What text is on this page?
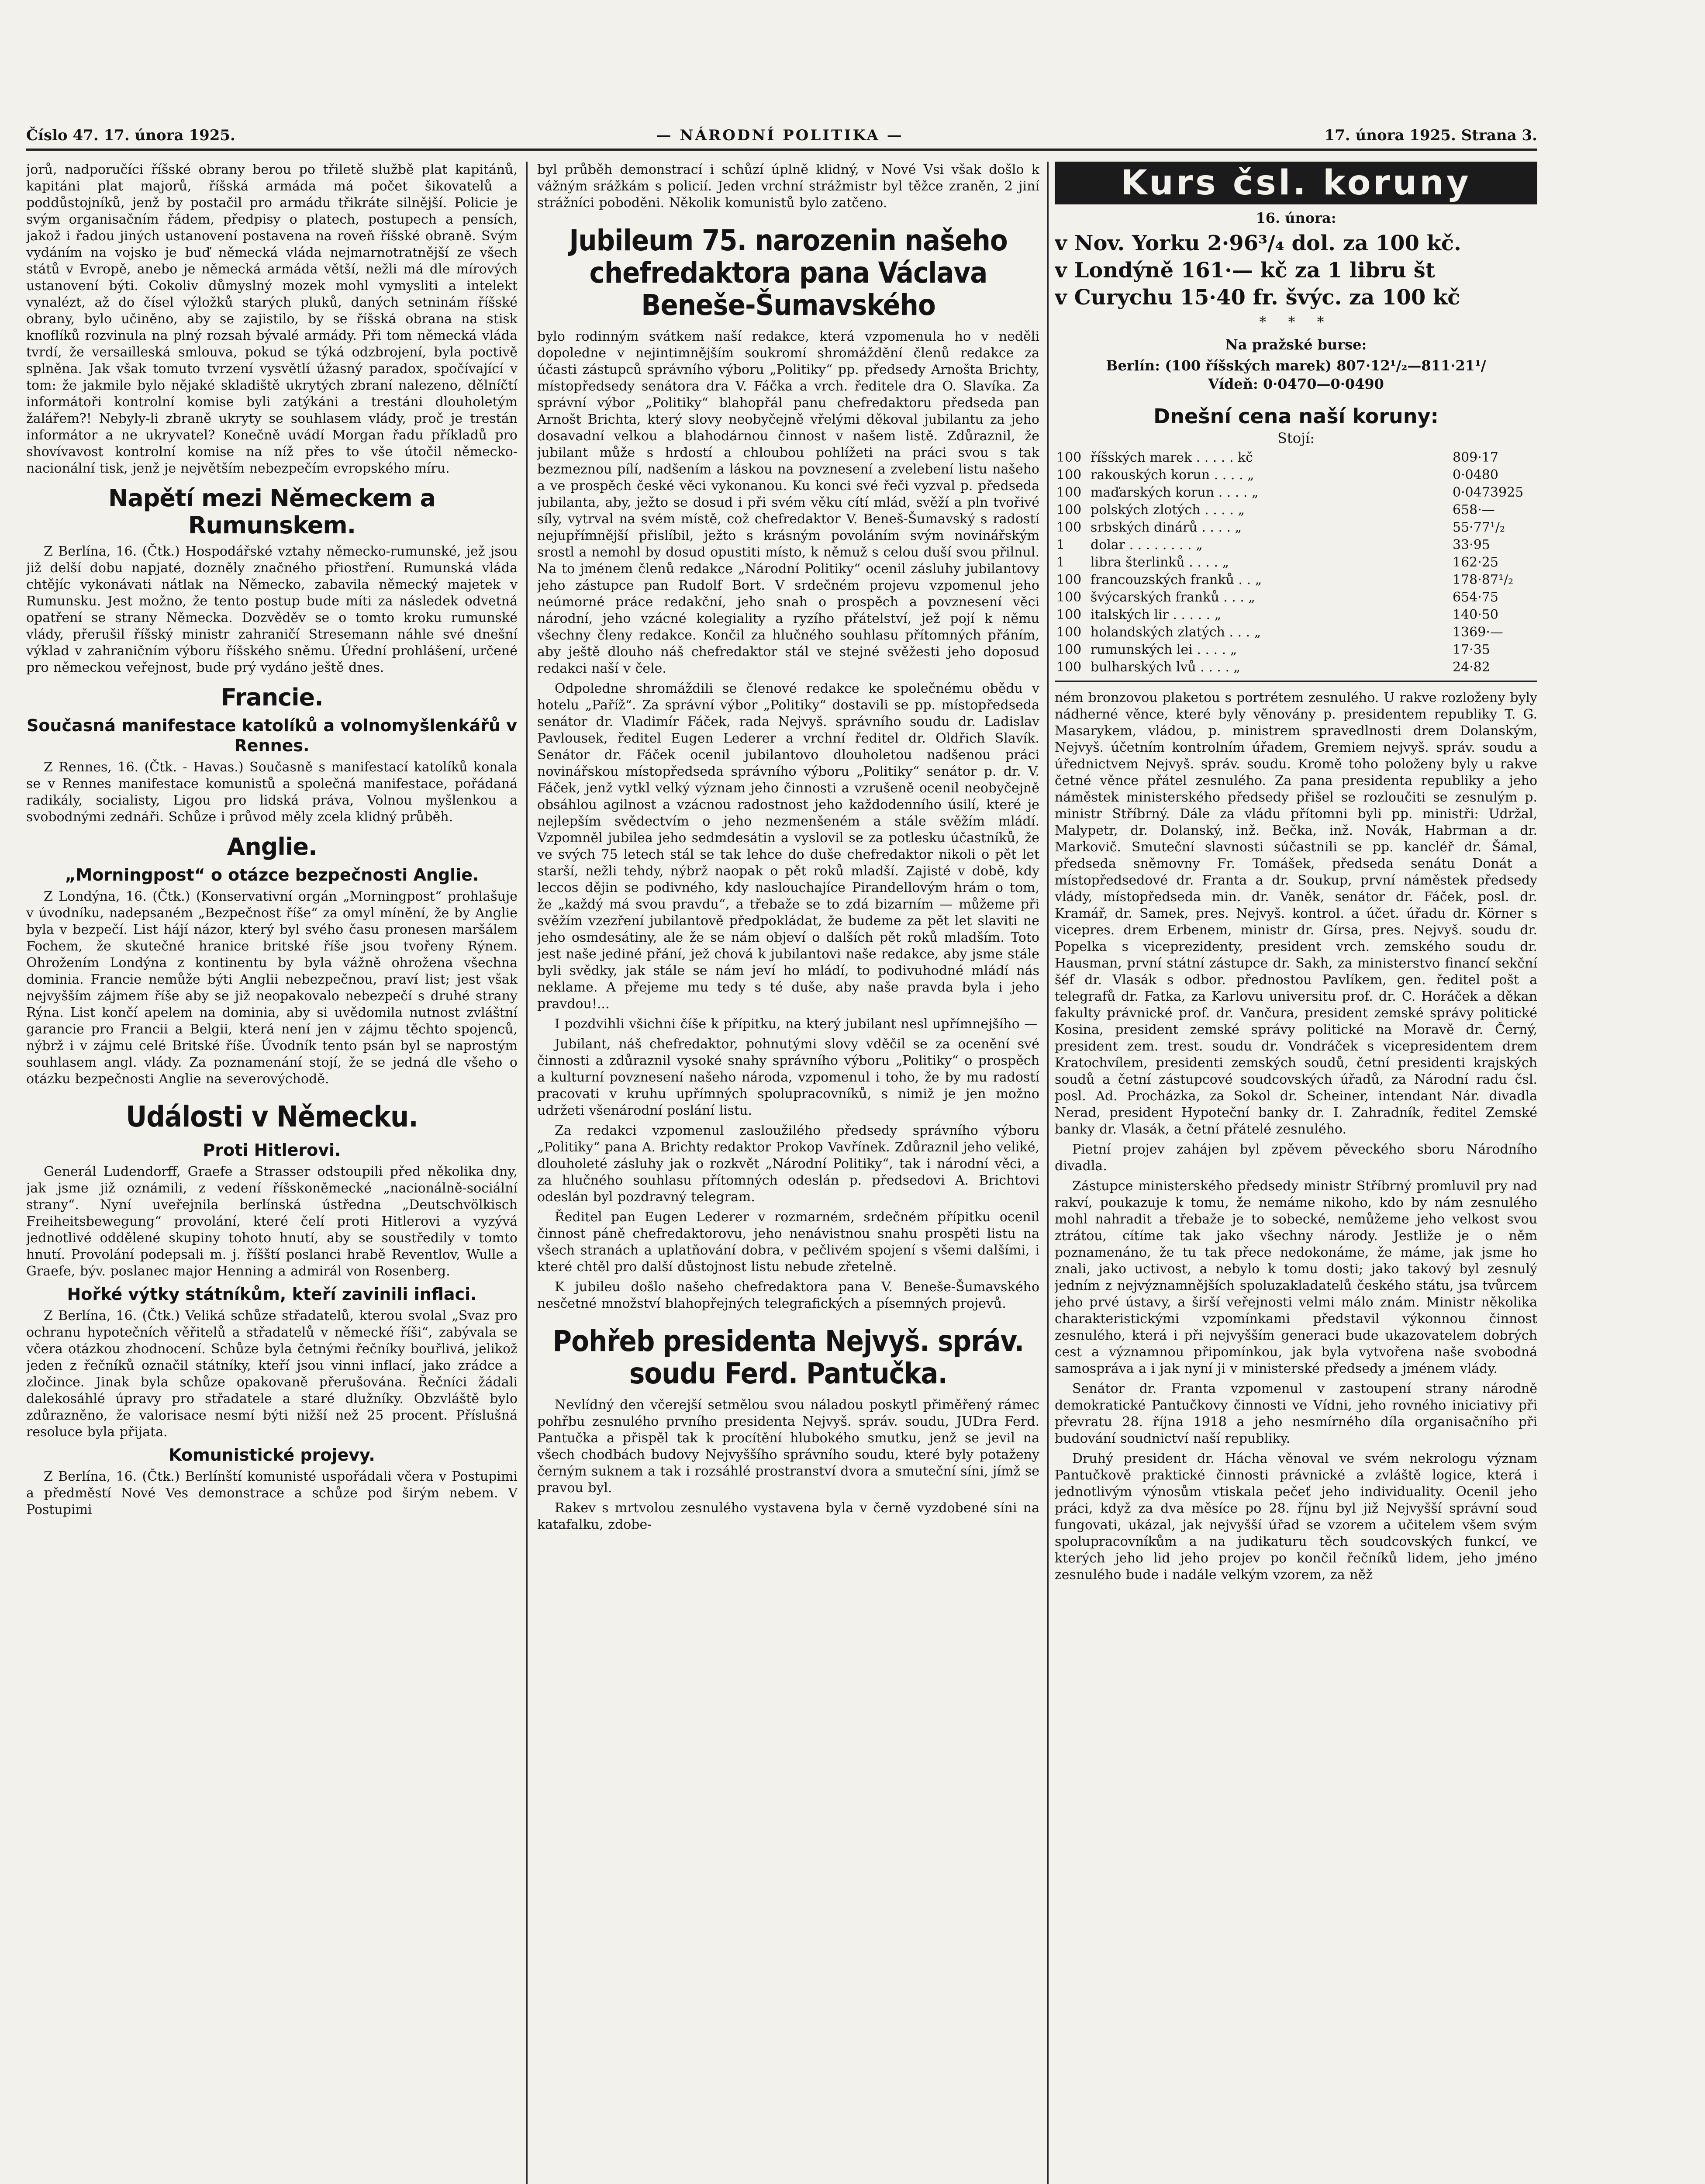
Číslo 47. 17. února 1925.	— NÁRODNÍ POLITIKA —	17. února 1925. Strana 3.

jorů, nadporučíci říšské obrany berou po třiletě službě plat kapitánů, kapitáni plat majorů, říšská armáda má počet šikovatelů a poddůstojníků, jenž by postačil pro armádu třikráte silnější. Policie je svým organisačním řádem, předpisy o platech, postupech a pensích, jakož i řadou jiných ustanovení postavena na roveň říšské obraně. Svým vydáním na vojsko je buď německá vláda nejmarnotratnější ze všech států v Evropě, anebo je německá armáda větší, nežli má dle mírových ustanovení býti. Cokoliv důmyslný mozek mohl vymysliti a intelekt vynalézt, až do čísel výložků starých pluků, daných setninám říšské obrany, bylo učiněno, aby se zajistilo, by se říšská obrana na stisk knoflíků rozvinula na plný rozsah bývalé armády. Při tom německá vláda tvrdí, že versailleská smlouva, pokud se týká odzbrojení, byla poctivě splněna. Jak však tomuto tvrzení vysvětlí úžasný paradox, spočívající v tom: že jakmile bylo nějaké skladiště ukrytých zbraní nalezeno, dělníčtí informátoři kontrolní komise byli zatýkáni a trestáni dlouholetým žalářem?! Nebyly-li zbraně ukryty se souhlasem vlády, proč je trestán informátor a ne ukryvatel? Konečně uvádí Morgan řadu příkladů pro shovívavost kontrolní komise na níž přes to vše útočil německo-nacionální tisk, jenž je největším nebezpečím evropského míru.

Napětí mezi Německem a Rumunskem.

Z Berlína, 16. (Čtk.) Hospodářské vztahy německo-rumunské, jež jsou již delší dobu napjaté, dozněly značného přiostření. Rumunská vláda chtějíc vykonávati nátlak na Německo, zabavila německý majetek v Rumunsku. Jest možno, že tento postup bude míti za následek odvetná opatření se strany Německa. Dozvěděv se o tomto kroku rumunské vlády, přerušil říšský ministr zahraničí Stresemann náhle své dnešní výklad v zahraničním výboru říšského sněmu. Úřední prohlášení, určené pro německou veřejnost, bude prý vydáno ještě dnes.

Francie.
Současná manifestace katolíků a volnomyšlenkářů v Rennes.

Z Rennes, 16. (Čtk. - Havas.) Současně s manifestací katolíků konala se v Rennes manifestace komunistů a společná manifestace, pořádaná radikály, socialisty, Ligou pro lidská práva, Volnou myšlenkou a svobodnými zednáři. Schůze i průvod měly zcela klidný průběh.

Anglie.
„Morningpost“ o otázce bezpečnosti Anglie.

Z Londýna, 16. (Čtk.) (Konservativní orgán „Morningpost“ prohlašuje v úvodníku, nadepsaném „Bezpečnost říše“ za omyl mínění, že by Anglie byla v bezpečí. List hájí názor, který byl svého času pronesen maršálem Fochem, že skutečné hranice britské říše jsou tvořeny Rýnem. Ohrožením Londýna z kontinentu by byla vážně ohrožena všechna dominia. Francie nemůže býti Anglii nebezpečnou, praví list; jest však nejvyšším zájmem říše aby se již neopakovalo nebezpečí s druhé strany Rýna. List končí apelem na dominia, aby si uvědomila nutnost zvláštní garancie pro Francii a Belgii, která není jen v zájmu těchto spojenců, nýbrž i v zájmu celé Britské říše. Úvodník tento psán byl se naprostým souhlasem angl. vlády. Za poznamenání stojí, že se jedná dle všeho o otázku bezpečnosti Anglie na severovýchodě.

Události v Německu.
Proti Hitlerovi.

Generál Ludendorff, Graefe a Strasser odstoupili před několika dny, jak jsme již oznámili, z vedení říšskoněmecké „nacionálně-sociální strany“. Nyní uveřejnila berlínská ústředna „Deutschvölkisch Freiheitsbewegung“ provolání, které čelí proti Hitlerovi a vyzývá jednotlivé oddělené skupiny tohoto hnutí, aby se soustředily v tomto hnutí. Provolání podepsali m. j. říšští poslanci hrabě Reventlov, Wulle a Graefe, býv. poslanec major Henning a admirál von Rosenberg.

Hořké výtky státníkům, kteří zavinili inflaci.

Z Berlína, 16. (Čtk.) Veliká schůze střadatelů, kterou svolal „Svaz pro ochranu hypotečních věřitelů a střadatelů v německé říši“, zabývala se včera otázkou zhodnocení. Schůze byla četnými řečníky bouřlivá, jelikož jeden z řečníků označil státníky, kteří jsou vinni inflací, jako zrádce a zločince. Jinak byla schůze opakovaně přerušována. Řečníci žádali dalekosáhlé úpravy pro střadatele a staré dlužníky. Obzvláště bylo zdůrazněno, že valorisace nesmí býti nižší než 25 procent. Příslušná resoluce byla přijata.

Komunistické projevy.

Z Berlína, 16. (Čtk.) Berlínští komunisté uspořádali včera v Postupimi a předměstí Nové Ves demonstrace a schůze pod širým nebem. V Postupimi

byl průběh demonstrací i schůzí úplně klidný, v Nové Vsi však došlo k vážným srážkám s policií. Jeden vrchní strážmistr byl těžce zraněn, 2 jiní strážníci poboděni. Několik komunistů bylo zatčeno.

Jubileum 75. narozenin našeho chefredaktora pana Václava Beneše-Šumavského

bylo rodinným svátkem naší redakce, která vzpomenula ho v neděli dopoledne v nejintimnějším soukromí shromáždění členů redakce za účasti zástupců správního výboru „Politiky“ pp. předsedy Arnošta Brichty, místopředsedy senátora dra V. Fáčka a vrch. ředitele dra O. Slavíka. Za správní výbor „Politiky“ blahopřál panu chefredaktoru předseda pan Arnošt Brichta, který slovy neobyčejně vřelými děkoval jubilantu za jeho dosavadní velkou a blahodárnou činnost v našem listě. Zdůraznil, že jubilant může s hrdostí a chloubou pohlížeti na práci svou s tak bezmeznou pílí, nadšením a láskou na povznesení a zvelebení listu našeho a ve prospěch české věci vykonanou. Ku konci své řeči vyzval p. předseda jubilanta, aby, ježto se dosud i při svém věku cítí mlád, svěží a pln tvořivé síly, vytrval na svém místě, což chefredaktor V. Beneš-Šumavský s radostí nejupřímnější přislíbil, ježto s krásným povoláním svým novinářským srostl a nemohl by dosud opustiti místo, k němuž s celou duší svou přilnul. Na to jménem členů redakce „Národní Politiky“ ocenil zásluhy jubilantovy jeho zástupce pan Rudolf Bort. V srdečném projevu vzpomenul jeho neúmorné práce redakční, jeho snah o prospěch a povznesení věci národní, jeho vzácné kolegiality a ryzího přátelství, jež pojí k němu všechny členy redakce. Končil za hlučného souhlasu přítomných přáním, aby ještě dlouho náš chefredaktor stál ve stejné svěžesti jeho doposud redakci naší v čele.

Odpoledne shromáždili se členové redakce ke společnému obědu v hotelu „Paříž“. Za správní výbor „Politiky“ dostavili se pp. místopředseda senátor dr. Vladimír Fáček, rada Nejvyš. správního soudu dr. Ladislav Pavlousek, ředitel Eugen Lederer a vrchní ředitel dr. Oldřich Slavík. Senátor dr. Fáček ocenil jubilantovo dlouholetou nadšenou práci novinářskou místopředseda správního výboru „Politiky“ senátor p. dr. V. Fáček, jenž vytkl velký význam jeho činnosti a vzrušeně ocenil neobyčejně obsáhlou agilnost a vzácnou radostnost jeho každodenního úsilí, které je nejlepším svědectvím o jeho nezmenšeném a stále svěžím mládí. Vzpomněl jubilea jeho sedmdesátin a vyslovil se za potlesku účastníků, že ve svých 75 letech stál se tak lehce do duše chefredaktor nikoli o pět let starší, nežli tehdy, nýbrž naopak o pět roků mladší. Zajisté v době, kdy leccos dějin se podivného, kdy naslouchajíce Pirandellovým hrám o tom, že „každý má svou pravdu“, a třebaže se to zdá bizarním — můžeme při svěžím vzezření jubilantově předpokládat, že budeme za pět let slaviti ne jeho osmdesátiny, ale že se nám objeví o dalších pět roků mladším. Toto jest naše jediné přání, jež chová k jubilantovi naše redakce, aby jsme stále byli svědky, jak stále se nám jeví ho mládí, to podivuhodné mládí nás neklame. A přejeme mu tedy s té duše, aby naše pravda byla i jeho pravdou!...

I pozdvihli všichni číše k přípitku, na který jubilant nesl upřímnejšího —

Jubilant, náš chefredaktor, pohnutými slovy vděčil se za ocenění své činnosti a zdůraznil vysoké snahy správního výboru „Politiky“ o prospěch a kulturní povznesení našeho národa, vzpomenul i toho, že by mu radostí pracovati v kruhu upřímných spolupracovníků, s nimiž je jen možno udržeti všenárodní poslání listu.

Za redakci vzpomenul zasloužilého předsedy správního výboru „Politiky“ pana A. Brichty redaktor Prokop Vavřínek. Zdůraznil jeho veliké, dlouholeté zásluhy jak o rozkvět „Národní Politiky“, tak i národní věci, a za hlučného souhlasu přítomných odeslán p. předsedovi A. Brichtovi odeslán byl pozdravný telegram.

Ředitel pan Eugen Lederer v rozmarném, srdečném přípitku ocenil činnost páně chefredaktorovu, jeho nenávistnou snahu prospěti listu na všech stranách a uplatňování dobra, v pečlivém spojení s všemi dalšími, i které chtěl pro další důstojnost listu nebude zřetelně.

K jubileu došlo našeho chefredaktora pana V. Beneše-Šumavského nesčetné množství blahopřejných telegrafických a písemných projevů.

Pohřeb presidenta Nejvyš. správ. soudu Ferd. Pantučka.

Nevlídný den včerejší setmělou svou náladou poskytl přiměřený rámec pohřbu zesnulého prvního presidenta Nejvyš. správ. soudu, JUDra Ferd. Pantučka a přispěl tak k procítění hlubokého smutku, jenž se jevil na všech chodbách budovy Nejvyššího správního soudu, které byly potaženy černým suknem a tak i rozsáhlé prostranství dvora a smuteční síni, jímž se pravou byl.

Rakev s mrtvolou zesnulého vystavena byla v černě vyzdobené síni na katafalku, zdobe-

Kurs čsl. koruny
16. února:
v Nov. Yorku 2·96³/₄ dol. za 100 kč.
v Londýně 161·— kč za 1 libru št
v Curychu 15·40 fr. švýc. za 100 kč
* * *
Na pražské burse:
Berlín: (100 říšských marek) 807·12¹/₂—811·21¹/
Vídeň: 0·0470—0·0490
Dnešní cena naší koruny:
Stojí:
100	říšských marek . . . . . kč	809·17
100	rakouských korun . . . . „	0·0480
100	maďarských korun . . . . „	0·0473925
100	polských zlotých . . . . „	658·—
100	srbských dinárů . . . . „	55·77¹/₂
1	dolar . . . . . . . . „	33·95
1	libra šterlinků . . . . „	162·25
100	francouzských franků . . „	178·87¹/₂
100	švýcarských franků . . . „	654·75
100	italských lir . . . . . „	140·50
100	holandských zlatých . . . „	1369·—
100	rumunských lei . . . . „	17·35
100	bulharských lvů . . . . „	24·82

ném bronzovou plaketou s portrétem zesnulého. U rakve rozloženy byly nádherné věnce, které byly věnovány p. presidentem republiky T. G. Masarykem, vládou, p. ministrem spravedlnosti drem Dolanským, Nejvyš. účetním kontrolním úřadem, Gremiem nejvyš. správ. soudu a úřednictvem Nejvyš. správ. soudu. Kromě toho položeny byly u rakve četné věnce přátel zesnulého. Za pana presidenta republiky a jeho náměstek ministerského předsedy přišel se rozloučiti se zesnulým p. ministr Stříbrný. Dále za vládu přítomni byli pp. ministři: Udržal, Malypetr, dr. Dolanský, inž. Bečka, inž. Novák, Habrman a dr. Markovič. Smuteční slavnosti súčastnili se pp. kancléř dr. Šámal, předseda sněmovny Fr. Tomášek, předseda senátu Donát a místopředsedové dr. Franta a dr. Soukup, první náměstek předsedy vlády, místopředseda min. dr. Vaněk, senátor dr. Fáček, posl. dr. Kramář, dr. Samek, pres. Nejvyš. kontrol. a účet. úřadu dr. Körner s vicepres. drem Erbenem, ministr dr. Gírsa, pres. Nejvyš. soudu dr. Popelka s viceprezidenty, president vrch. zemského soudu dr. Hausman, první státní zástupce dr. Sakh, za ministerstvo financí sekční šéf dr. Vlasák s odbor. přednostou Pavlíkem, gen. ředitel pošt a telegrafů dr. Fatka, za Karlovu universitu prof. dr. C. Horáček a děkan fakulty právnické prof. dr. Vančura, president zemské správy politické Kosina, president zemské správy politické na Moravě dr. Černý, president zem. trest. soudu dr. Vondráček s vicepresidentem drem Kratochvílem, presidenti zemských soudů, četní presidenti krajských soudů a četní zástupcové soudcovských úřadů, za Národní radu čsl. posl. Ad. Procházka, za Sokol dr. Scheiner, intendant Nár. divadla Nerad, president Hypoteční banky dr. I. Zahradník, ředitel Zemské banky dr. Vlasák, a četní přátelé zesnulého.

Pietní projev zahájen byl zpěvem pěveckého sboru Národního divadla.

Zástupce ministerského předsedy ministr Stříbrný promluvil pry nad rakví, poukazuje k tomu, že nemáme nikoho, kdo by nám zesnulého mohl nahradit a třebaže je to sobecké, nemůžeme jeho velkost svou ztrátou, cítíme tak jako všechny národy. Jestliže je o něm poznamenáno, že tu tak přece nedokonáme, že máme, jak jsme ho znali, jako uctivost, a nebylo k tomu dosti; jako takový byl zesnulý jedním z nejvýznamnějších spoluzakladatelů českého státu, jsa tvůrcem jeho prvé ústavy, a širší veřejnosti velmi málo znám. Ministr několika charakteristickými vzpomínkami představil výkonnou činnost zesnulého, která i při nejvyšším generaci bude ukazovatelem dobrých cest a významnou připomínkou, jak byla vytvořena naše svobodná samospráva a i jak nyní ji v ministerské předsedy a jménem vlády.

Senátor dr. Franta vzpomenul v zastoupení strany národně demokratické Pantučkovy činnosti ve Vídni, jeho rovného iniciativy při převratu 28. října 1918 a jeho nesmírného díla organisačního při budování soudnictví naší republiky.

Druhý president dr. Hácha věnoval ve svém nekrologu význam Pantučkově praktické činnosti právnické a zvláště logice, která i jednotlivým výnosům vtiskala pečeť jeho individuality. Ocenil jeho práci, když za dva měsíce po 28. říjnu byl již Nejvyšší správní soud fungovati, ukázal, jak nejvyšší úřad se vzorem a učitelem všem svým spolupracovníkům a na judikaturu těch soudcovských funkcí, ve kterých jeho lid jeho projev po končil řečníků lidem, jeho jméno zesnulého bude i nadále velkým vzorem, za něž
